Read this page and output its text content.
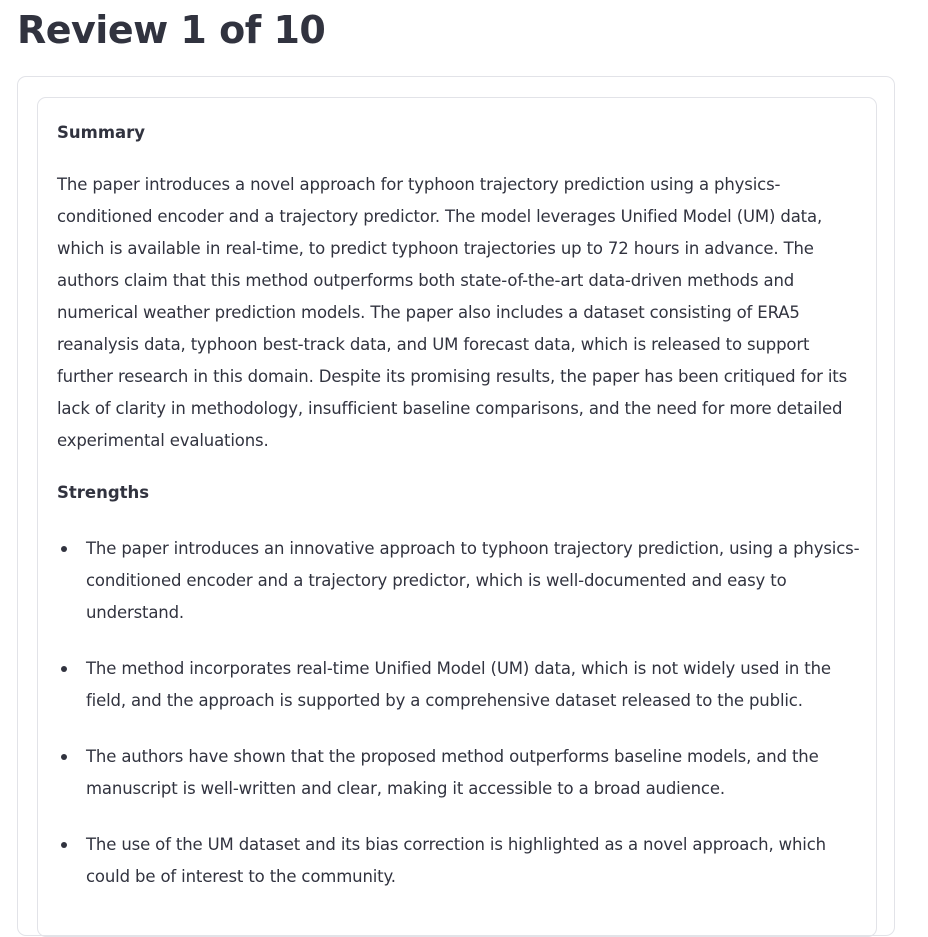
Review 1 of 10

Summary

The paper introduces a novel approach for typhoon trajectory prediction using a physics-conditioned encoder and a trajectory predictor. The model leverages Unified Model (UM) data, which is available in real-time, to predict typhoon trajectories up to 72 hours in advance. The authors claim that this method outperforms both state-of-the-art data-driven methods and numerical weather prediction models. The paper also includes a dataset consisting of ERA5 reanalysis data, typhoon best-track data, and UM forecast data, which is released to support further research in this domain. Despite its promising results, the paper has been critiqued for its lack of clarity in methodology, insufficient baseline comparisons, and the need for more detailed experimental evaluations.

Strengths

The paper introduces an innovative approach to typhoon trajectory prediction, using a physics-conditioned encoder and a trajectory predictor, which is well-documented and easy to understand.
The method incorporates real-time Unified Model (UM) data, which is not widely used in the field, and the approach is supported by a comprehensive dataset released to the public.
The authors have shown that the proposed method outperforms baseline models, and the manuscript is well-written and clear, making it accessible to a broad audience.
The use of the UM dataset and its bias correction is highlighted as a novel approach, which could be of interest to the community.
